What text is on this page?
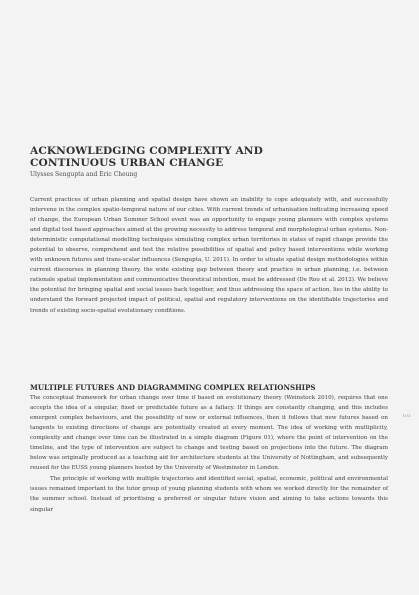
ACKNOWLEDGING COMPLEXITY AND
CONTINUOUS URBAN CHANGE
Ulysses Sengupta and Eric Cheung

Current practices of urban planning and spatial design have shown an inability to cope adequately with, and successfully intervene in the complex spatio-temporal nature of our cities. With current trends of urbanisation indicating increasing speed of change, the European Urban Summer School event was an opportunity to engage young planners with complex systems and digital tool based approaches aimed at the growing necessity to address temporal and morphological urban systems. Non-deterministic computational modelling techniques simulating complex urban territories in states of rapid change provide the potential to observe, comprehend and test the relative possibilities of spatial and policy based interventions while working with unknown futures and trans-scalar influences (Sengupta, U. 2011). In order to situate spatial design methodologies within current discourses in planning theory, the wide existing gap between theory and practice in urban planning, i.e. between rationale spatial implementation and communicative theoretical intention, must be addressed (De Roo et al. 2012). We believe the potential for bringing spatial and social issues back together, and thus addressing the space of action, lies in the ability to understand the forward projected impact of political, spatial and regulatory interventions on the identifiable trajectories and trends of existing socio-spatial evolutionary conditions.

MULTIPLE FUTURES AND DIAGRAMMING COMPLEX RELATIONSHIPS

The conceptual framework for urban change over time if based on evolutionary theory (Weinstock 2010), requires that one accepts the idea of a singular, fixed or predictable future as a fallacy. If things are constantly changing, and this includes emergent complex behaviours, and the possibility of new or external influences, then it follows that new futures based on tangents to existing directions of change are potentially created at every moment. The idea of working with multiplicity, complexity and change over time can be illustrated in a simple diagram (Figure 01), where the point of intervention on the timeline, and the type of intervention are subject to change and testing based on projections into the future. The diagram below was originally produced as a teaching aid for architecture students at the University of Nottingham, and subsequently reused for the EUSS young planners hosted by the University of Westminster in London.

The principle of working with multiple trajectories and identified social, spatial, economic, political and environmental issues remained important to the tutor group of young planning students with whom we worked directly for the remainder of the summer school. Instead of prioritising a preferred or singular future vision and aiming to take actions towards this singular

103
